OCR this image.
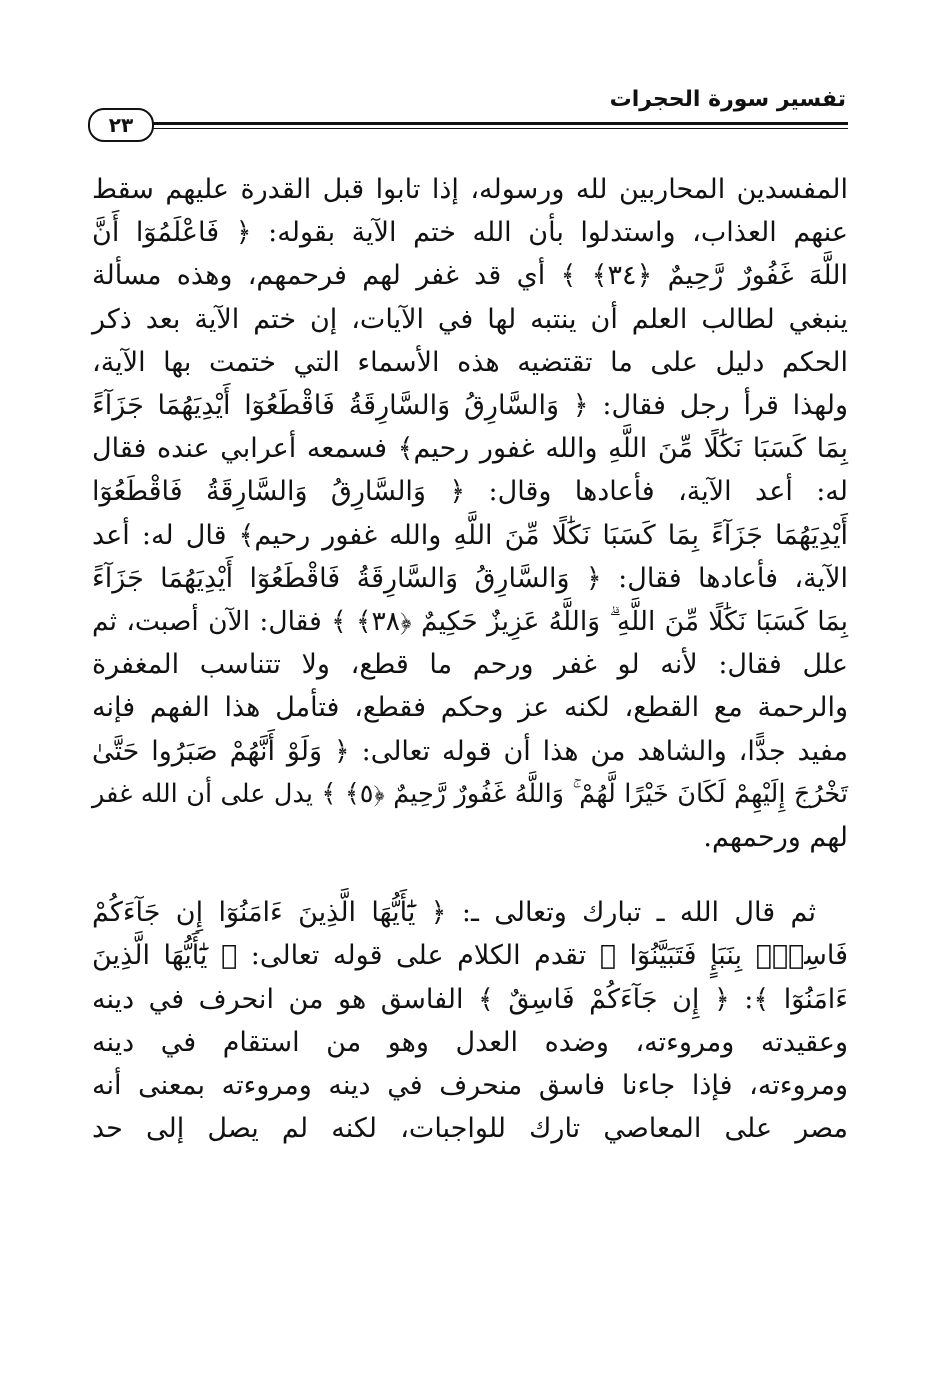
تفسير سورة الحجرات
٢٣

المفسدين المحاربين لله ورسوله، إذا تابوا قبل القدرة عليهم سقط
عنهم العذاب، واستدلوا بأن الله ختم الآية بقوله: ﴿ فَاعْلَمُوٓا أَنَّ
اللَّهَ غَفُورٌ رَّحِيمٌ ﴿٣٤﴾ ﴾ أي قد غفر لهم فرحمهم، وهذه مسألة
ينبغي لطالب العلم أن ينتبه لها في الآيات، إن ختم الآية بعد ذكر
الحكم دليل على ما تقتضيه هذه الأسماء التي ختمت بها الآية،
ولهذا قرأ رجل فقال: ﴿ وَالسَّارِقُ وَالسَّارِقَةُ فَاقْطَعُوٓا أَيْدِيَهُمَا جَزَآءً
بِمَا كَسَبَا نَكَٰلًا مِّنَ اللَّهِ والله غفور رحيم﴾ فسمعه أعرابي عنده فقال
له: أعد الآية، فأعادها وقال: ﴿ وَالسَّارِقُ وَالسَّارِقَةُ فَاقْطَعُوٓا
أَيْدِيَهُمَا جَزَآءً بِمَا كَسَبَا نَكَٰلًا مِّنَ اللَّهِ والله غفور رحيم﴾ قال له: أعد
الآية، فأعادها فقال: ﴿ وَالسَّارِقُ وَالسَّارِقَةُ فَاقْطَعُوٓا أَيْدِيَهُمَا جَزَآءً
بِمَا كَسَبَا نَكَٰلًا مِّنَ اللَّهِ ۗ وَاللَّهُ عَزِيزٌ حَكِيمٌ ﴿٣٨﴾ ﴾ فقال: الآن أصبت، ثم
علل فقال: لأنه لو غفر ورحم ما قطع، ولا تتناسب المغفرة
والرحمة مع القطع، لكنه عز وحكم فقطع، فتأمل هذا الفهم فإنه
مفيد جدًّا، والشاهد من هذا أن قوله تعالى: ﴿ وَلَوْ أَنَّهُمْ صَبَرُوا حَتَّىٰ
تَخْرُجَ إِلَيْهِمْ لَكَانَ خَيْرًا لَّهُمْ ۚ وَاللَّهُ غَفُورٌ رَّحِيمٌ ﴿٥﴾ ﴾ يدل على أن الله غفر
لهم ورحمهم.

ثم قال الله ـ تبارك وتعالى ـ: ﴿ يَٰٓأَيُّهَا الَّذِينَ ءَامَنُوٓا إِن جَآءَكُمْ
فَاسِقٌۢ بِنَبَإٍ فَتَبَيَّنُوٓا ﴾ تقدم الكلام على قوله تعالى: ﴿ يَٰٓأَيُّهَا الَّذِينَ
ءَامَنُوٓا ﴾: ﴿ إِن جَآءَكُمْ فَاسِقٌ ﴾ الفاسق هو من انحرف في دينه
وعقيدته ومروءته، وضده العدل وهو من استقام في دينه
ومروءته، فإذا جاءنا فاسق منحرف في دينه ومروءته بمعنى أنه
مصر على المعاصي تارك للواجبات، لكنه لم يصل إلى حد
